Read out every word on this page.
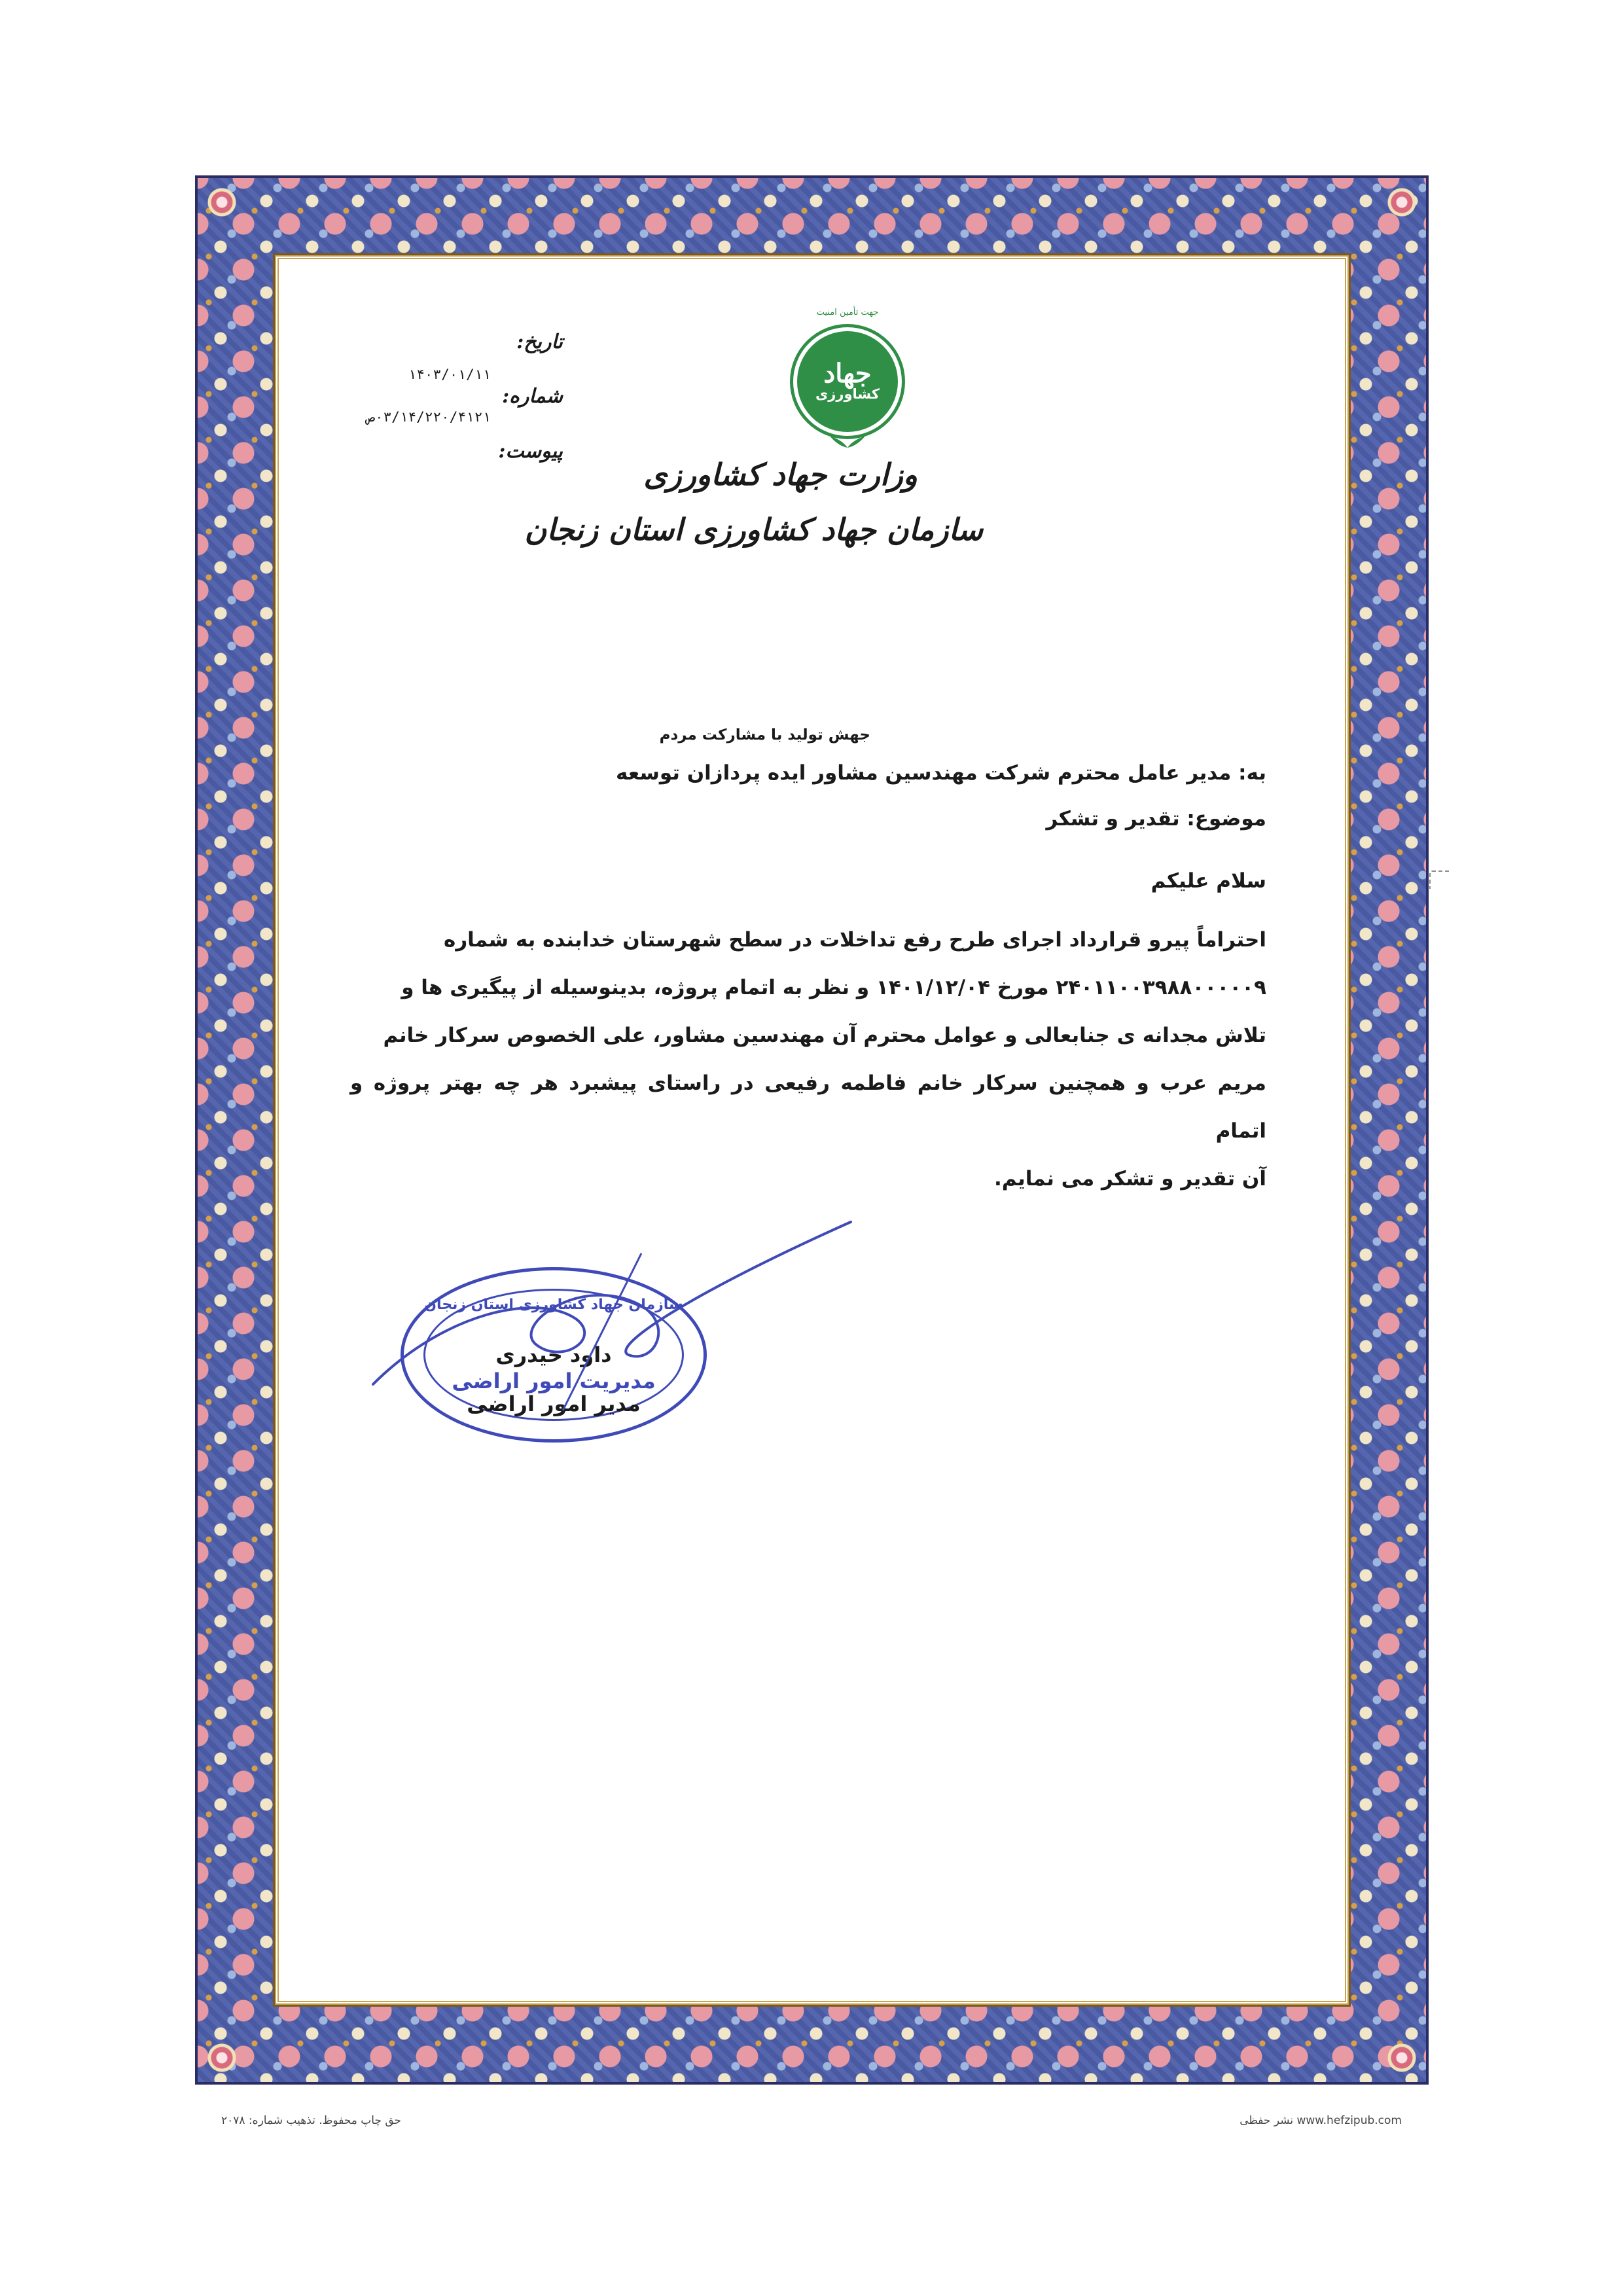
جهت تأمین امنیت
جهاد
کشاورزی
وزارت جهاد کشاورزی
سازمان جهاد کشاورزی استان زنجان
تاریخ:
۱۴۰۳/۰۱/۱۱
شماره:
۰۳/۱۴/۲۲۰/۴۱۲۱ص
پیوست:
جهش تولید با مشارکت مردم
به: مدیر عامل محترم شرکت مهندسین مشاور ایده پردازان توسعه
موضوع: تقدیر و تشکر
سلام علیکم

احتراماً پیرو قرارداد اجرای طرح رفع تداخلات در سطح شهرستان خدابنده به شماره

۲۴۰۱۱۰۰۳۹۸۸۰۰۰۰۰۹ مورخ ۱۴۰۱/۱۲/۰۴ و نظر به اتمام پروژه، بدینوسیله از پیگیری ها و

تلاش مجدانه ی جنابعالی و عوامل محترم آن مهندسین مشاور، علی الخصوص سرکار خانم

مریم عرب و همچنین سرکار خانم فاطمه رفیعی در راستای پیشبرد هر چه بهتر پروژه و اتمام

آن تقدیر و تشکر می نمایم.

سازمان جهاد کشاورزی استان زنجان
داود حیدری
مدیریت امور اراضی
مدیر امور اراضی
www.hefzipub.com نشر حفظی
حق چاپ محفوظ. تذهیب شماره: ۲۰۷۸
